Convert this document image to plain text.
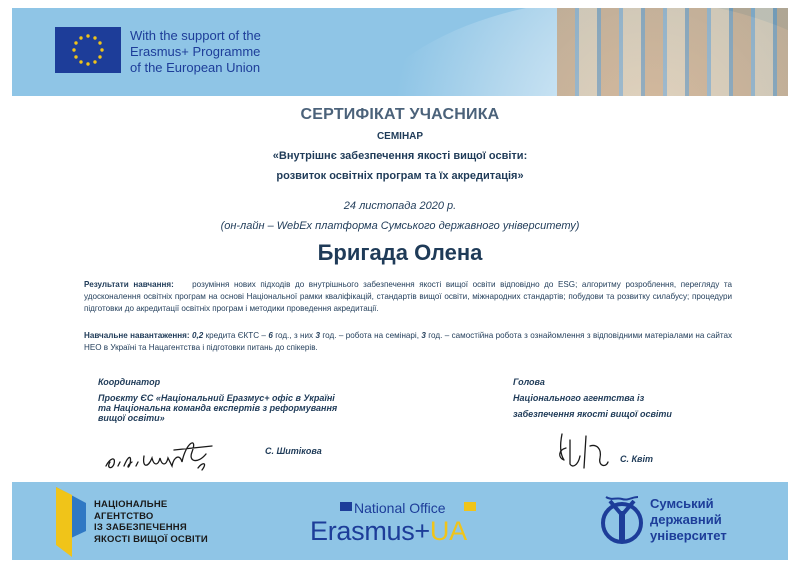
With the support of the
Erasmus+ Programme
of the European Union
СЕРТИФІКАТ УЧАСНИКА
СЕМІНАР
«Внутрішнє забезпечення якості вищої освіти:
розвиток освітніх програм та їх акредитація»
24 листопада 2020 р.
(он-лайн – WebEx платформа Сумського державного університету)
Бригада Олена
Результати навчання: розуміння нових підходів до внутрішнього забезпечення якості вищої освіти відповідно до ESG; алгоритму розроблення, перегляду та удосконалення освітніх програм на основі Національної рамки кваліфікацій, стандартів вищої освіти, міжнародних стандартів; побудови та розвитку силабусу; процедури підготовки до акредитації освітніх програм і методики проведення акредитації.
Навчальне навантаження: 0,2 кредита ЄКТС – 6 год., з них 3 год. – робота на семінарі, 3 год. – самостійна робота з ознайомлення з відповідними матеріалами на сайтах НЕО в Україні та Нацагентства і підготовки питань до спікерів.
Координатор
Проєкту ЄС «Національний Еразмус+ офіс в Україні
та Національна команда експертів з реформування
вищої освіти»
С. Шитікова
Голова
Національного агентства із
забезпечення якості вищої освіти
С. Квіт
НАЦІОНАЛЬНЕ
АГЕНТСТВО
ІЗ ЗАБЕЗПЕЧЕННЯ
ЯКОСТІ ВИЩОЇ ОСВІТИ
National Office
Erasmus+UA
Сумський
державний
університет
